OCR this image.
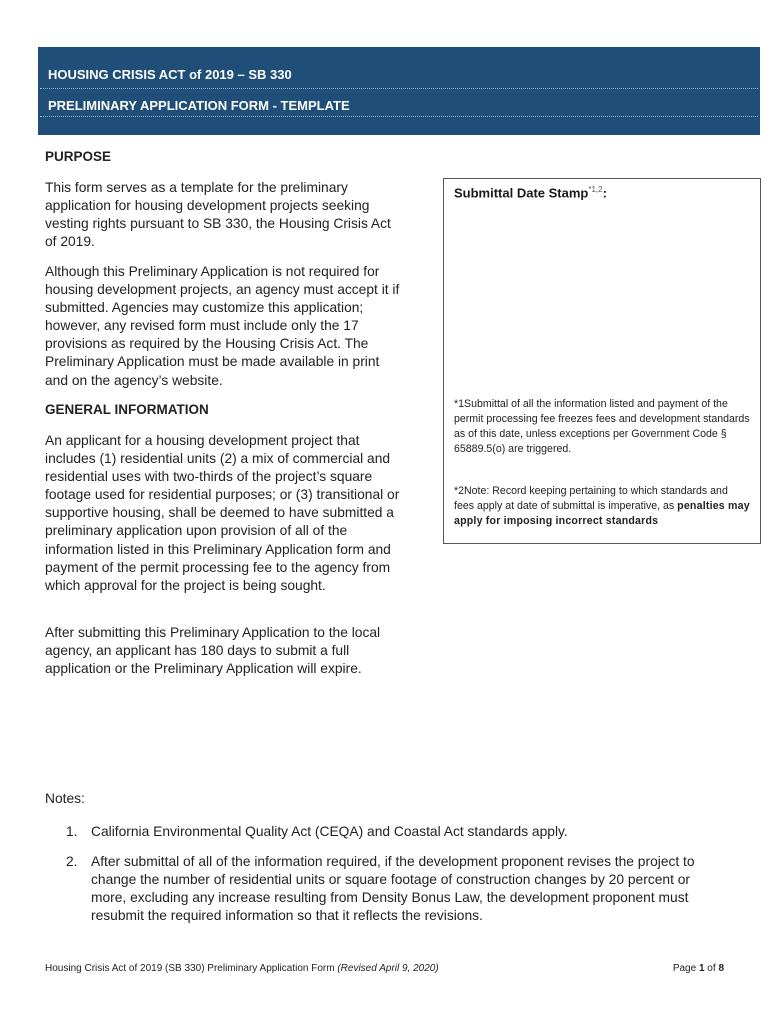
HOUSING CRISIS ACT of 2019 – SB 330
PRELIMINARY APPLICATION FORM - TEMPLATE
PURPOSE
This form serves as a template for the preliminary application for housing development projects seeking vesting rights pursuant to SB 330, the Housing Crisis Act of 2019.
Although this Preliminary Application is not required for housing development projects, an agency must accept it if submitted. Agencies may customize this application; however, any revised form must include only the 17 provisions as required by the Housing Crisis Act. The Preliminary Application must be made available in print and on the agency’s website.
GENERAL INFORMATION
An applicant for a housing development project that includes (1) residential units (2) a mix of commercial and residential uses with two-thirds of the project’s square footage used for residential purposes; or (3) transitional or supportive housing, shall be deemed to have submitted a preliminary application upon provision of all of the information listed in this Preliminary Application form and payment of the permit processing fee to the agency from which approval for the project is being sought.
After submitting this Preliminary Application to the local agency, an applicant has 180 days to submit a full application or the Preliminary Application will expire.
Submittal Date Stamp$^{*1,2}$:
*1Submittal of all the information listed and payment of the permit processing fee freezes fees and development standards as of this date, unless exceptions per Government Code § 65889.5(o) are triggered.
*2Note: Record keeping pertaining to which standards and fees apply at date of submittal is imperative, as penalties may apply for imposing incorrect standards
Notes:
1. California Environmental Quality Act (CEQA) and Coastal Act standards apply.
2. After submittal of all of the information required, if the development proponent revises the project to change the number of residential units or square footage of construction changes by 20 percent or more, excluding any increase resulting from Density Bonus Law, the development proponent must resubmit the required information so that it reflects the revisions.
Housing Crisis Act of 2019 (SB 330) Preliminary Application Form (Revised April 9, 2020)	Page 1 of 8
